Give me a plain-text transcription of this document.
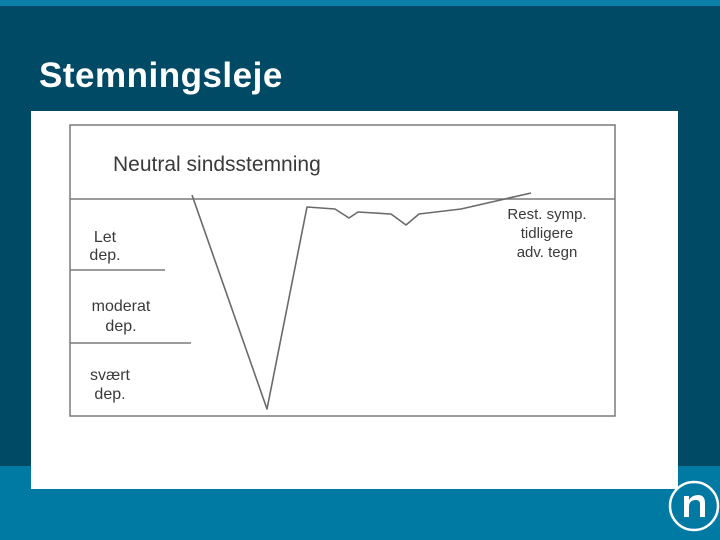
Stemningsleje
Neutral sindsstemning
Let
dep.
moderat
dep.
svært
dep.
Rest. symp.
tidligere
adv. tegn
